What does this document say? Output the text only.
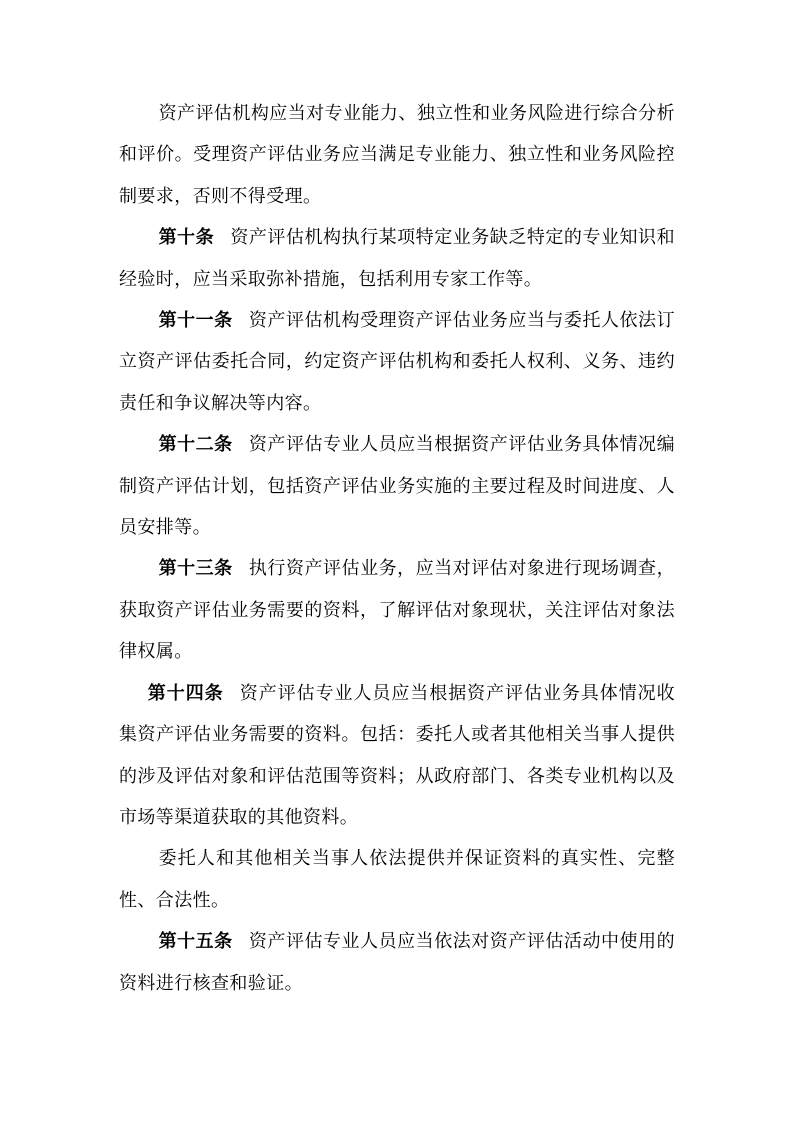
资产评估机构应当对专业能力、独立性和业务风险进行综合分析和评价。受理资产评估业务应当满足专业能力、独立性和业务风险控制要求，否则不得受理。

第十条 资产评估机构执行某项特定业务缺乏特定的专业知识和经验时，应当采取弥补措施，包括利用专家工作等。

第十一条 资产评估机构受理资产评估业务应当与委托人依法订立资产评估委托合同，约定资产评估机构和委托人权利、义务、违约责任和争议解决等内容。

第十二条 资产评估专业人员应当根据资产评估业务具体情况编制资产评估计划，包括资产评估业务实施的主要过程及时间进度、人员安排等。

第十三条 执行资产评估业务，应当对评估对象进行现场调查，获取资产评估业务需要的资料，了解评估对象现状，关注评估对象法律权属。

第十四条 资产评估专业人员应当根据资产评估业务具体情况收集资产评估业务需要的资料。包括：委托人或者其他相关当事人提供的涉及评估对象和评估范围等资料；从政府部门、各类专业机构以及市场等渠道获取的其他资料。

委托人和其他相关当事人依法提供并保证资料的真实性、完整性、合法性。

第十五条 资产评估专业人员应当依法对资产评估活动中使用的资料进行核查和验证。
